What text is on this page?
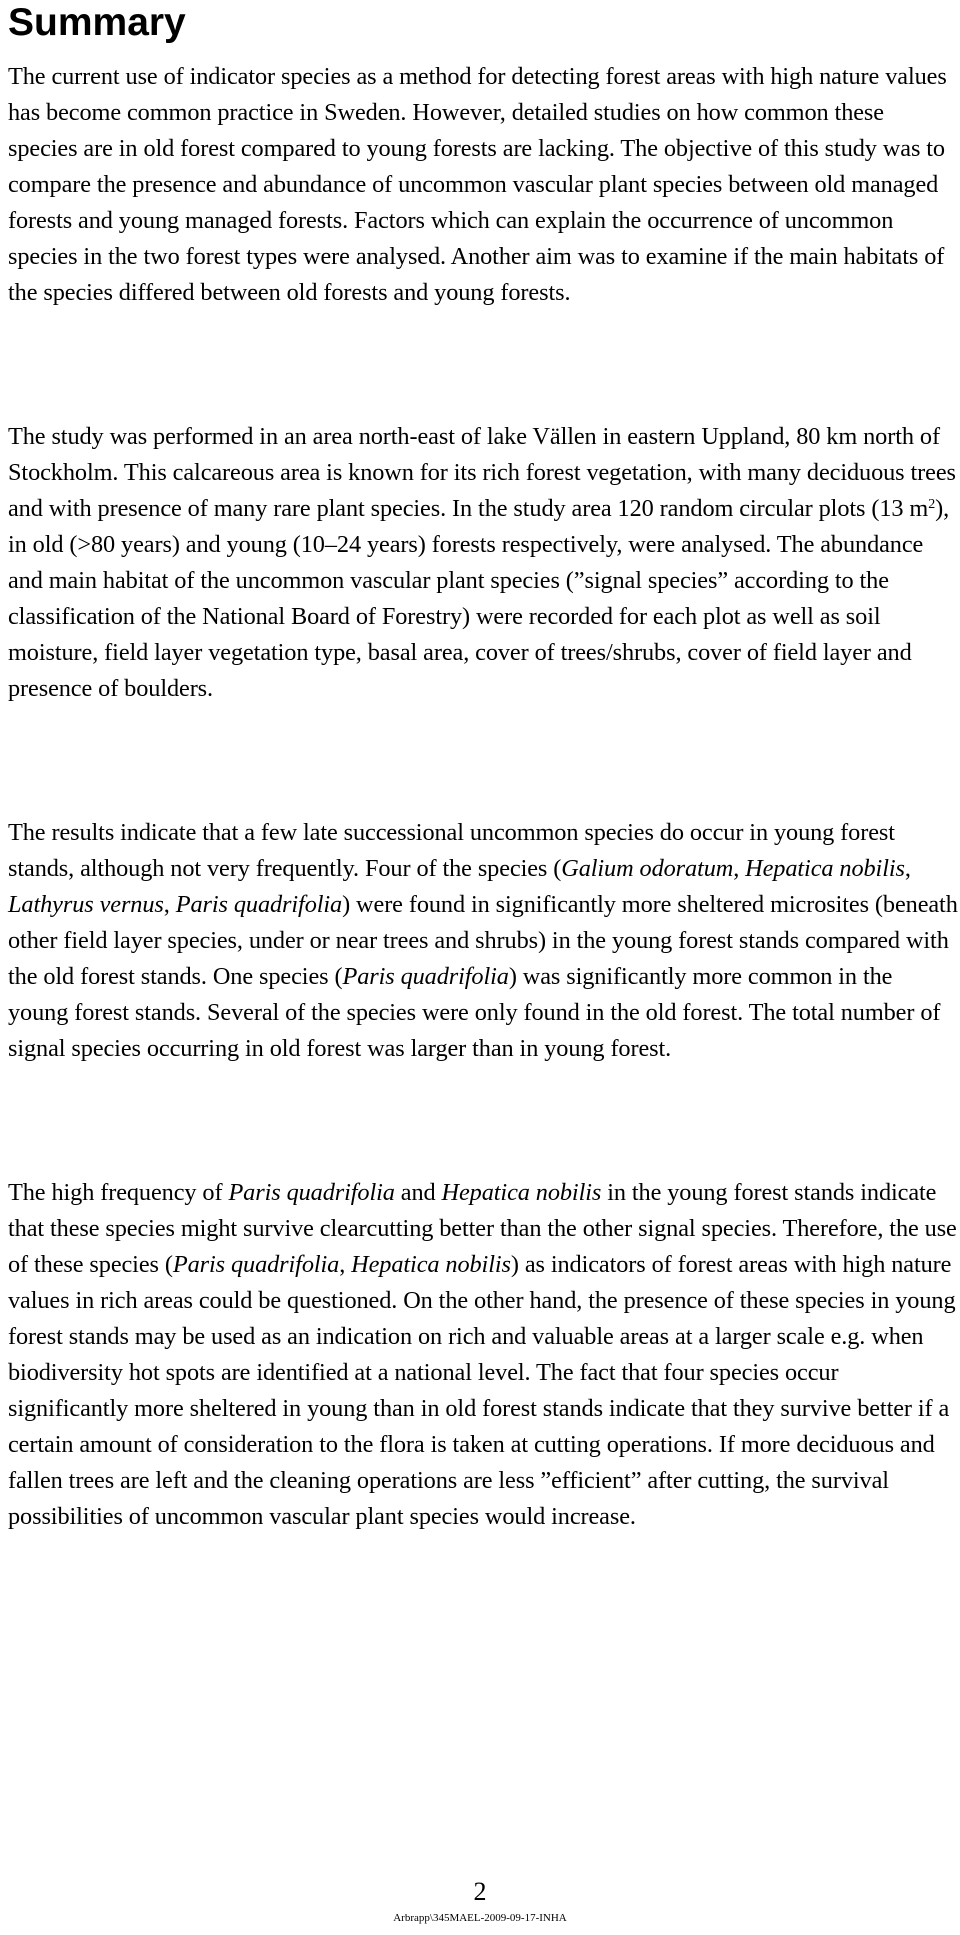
Summary

The current use of indicator species as a method for detecting forest areas with high nature values has become common practice in Sweden. However, detailed studies on how common these species are in old forest compared to young forests are lacking. The objective of this study was to compare the presence and abundance of uncommon vascular plant species between old managed forests and young managed forests. Factors which can explain the occurrence of uncommon species in the two forest types were analysed. Another aim was to examine if the main habitats of the species differed between old forests and young forests.

The study was performed in an area north-east of lake Vällen in eastern Uppland, 80 km north of Stockholm. This calcareous area is known for its rich forest vegetation, with many deciduous trees and with presence of many rare plant species. In the study area 120 random circular plots (13 $m^2$), in old (>80 years) and young (10–24 years) forests respectively, were analysed. The abundance and main habitat of the uncommon vascular plant species (”signal species” according to the classification of the National Board of Forestry) were recorded for each plot as well as soil moisture, field layer vegetation type, basal area, cover of trees/shrubs, cover of field layer and presence of boulders.

The results indicate that a few late successional uncommon species do occur in young forest stands, although not very frequently. Four of the species (Galium odoratum, Hepatica nobilis, Lathyrus vernus, Paris quadrifolia) were found in significantly more sheltered microsites (beneath other field layer species, under or near trees and shrubs) in the young forest stands compared with the old forest stands. One species (Paris quadrifolia) was significantly more common in the young forest stands. Several of the species were only found in the old forest. The total number of signal species occurring in old forest was larger than in young forest.

The high frequency of Paris quadrifolia and Hepatica nobilis in the young forest stands indicate that these species might survive clearcutting better than the other signal species. Therefore, the use of these species (Paris quadrifolia, Hepatica nobilis) as indicators of forest areas with high nature values in rich areas could be questioned. On the other hand, the presence of these species in young forest stands may be used as an indication on rich and valuable areas at a larger scale e.g. when biodiversity hot spots are identified at a national level. The fact that four species occur significantly more sheltered in young than in old forest stands indicate that they survive better if a certain amount of consideration to the flora is taken at cutting operations. If more deciduous and fallen trees are left and the cleaning operations are less ”efficient” after cutting, the survival possibilities of uncommon vascular plant species would increase.

2
Arbrapp\345MAEL-2009-09-17-INHA
